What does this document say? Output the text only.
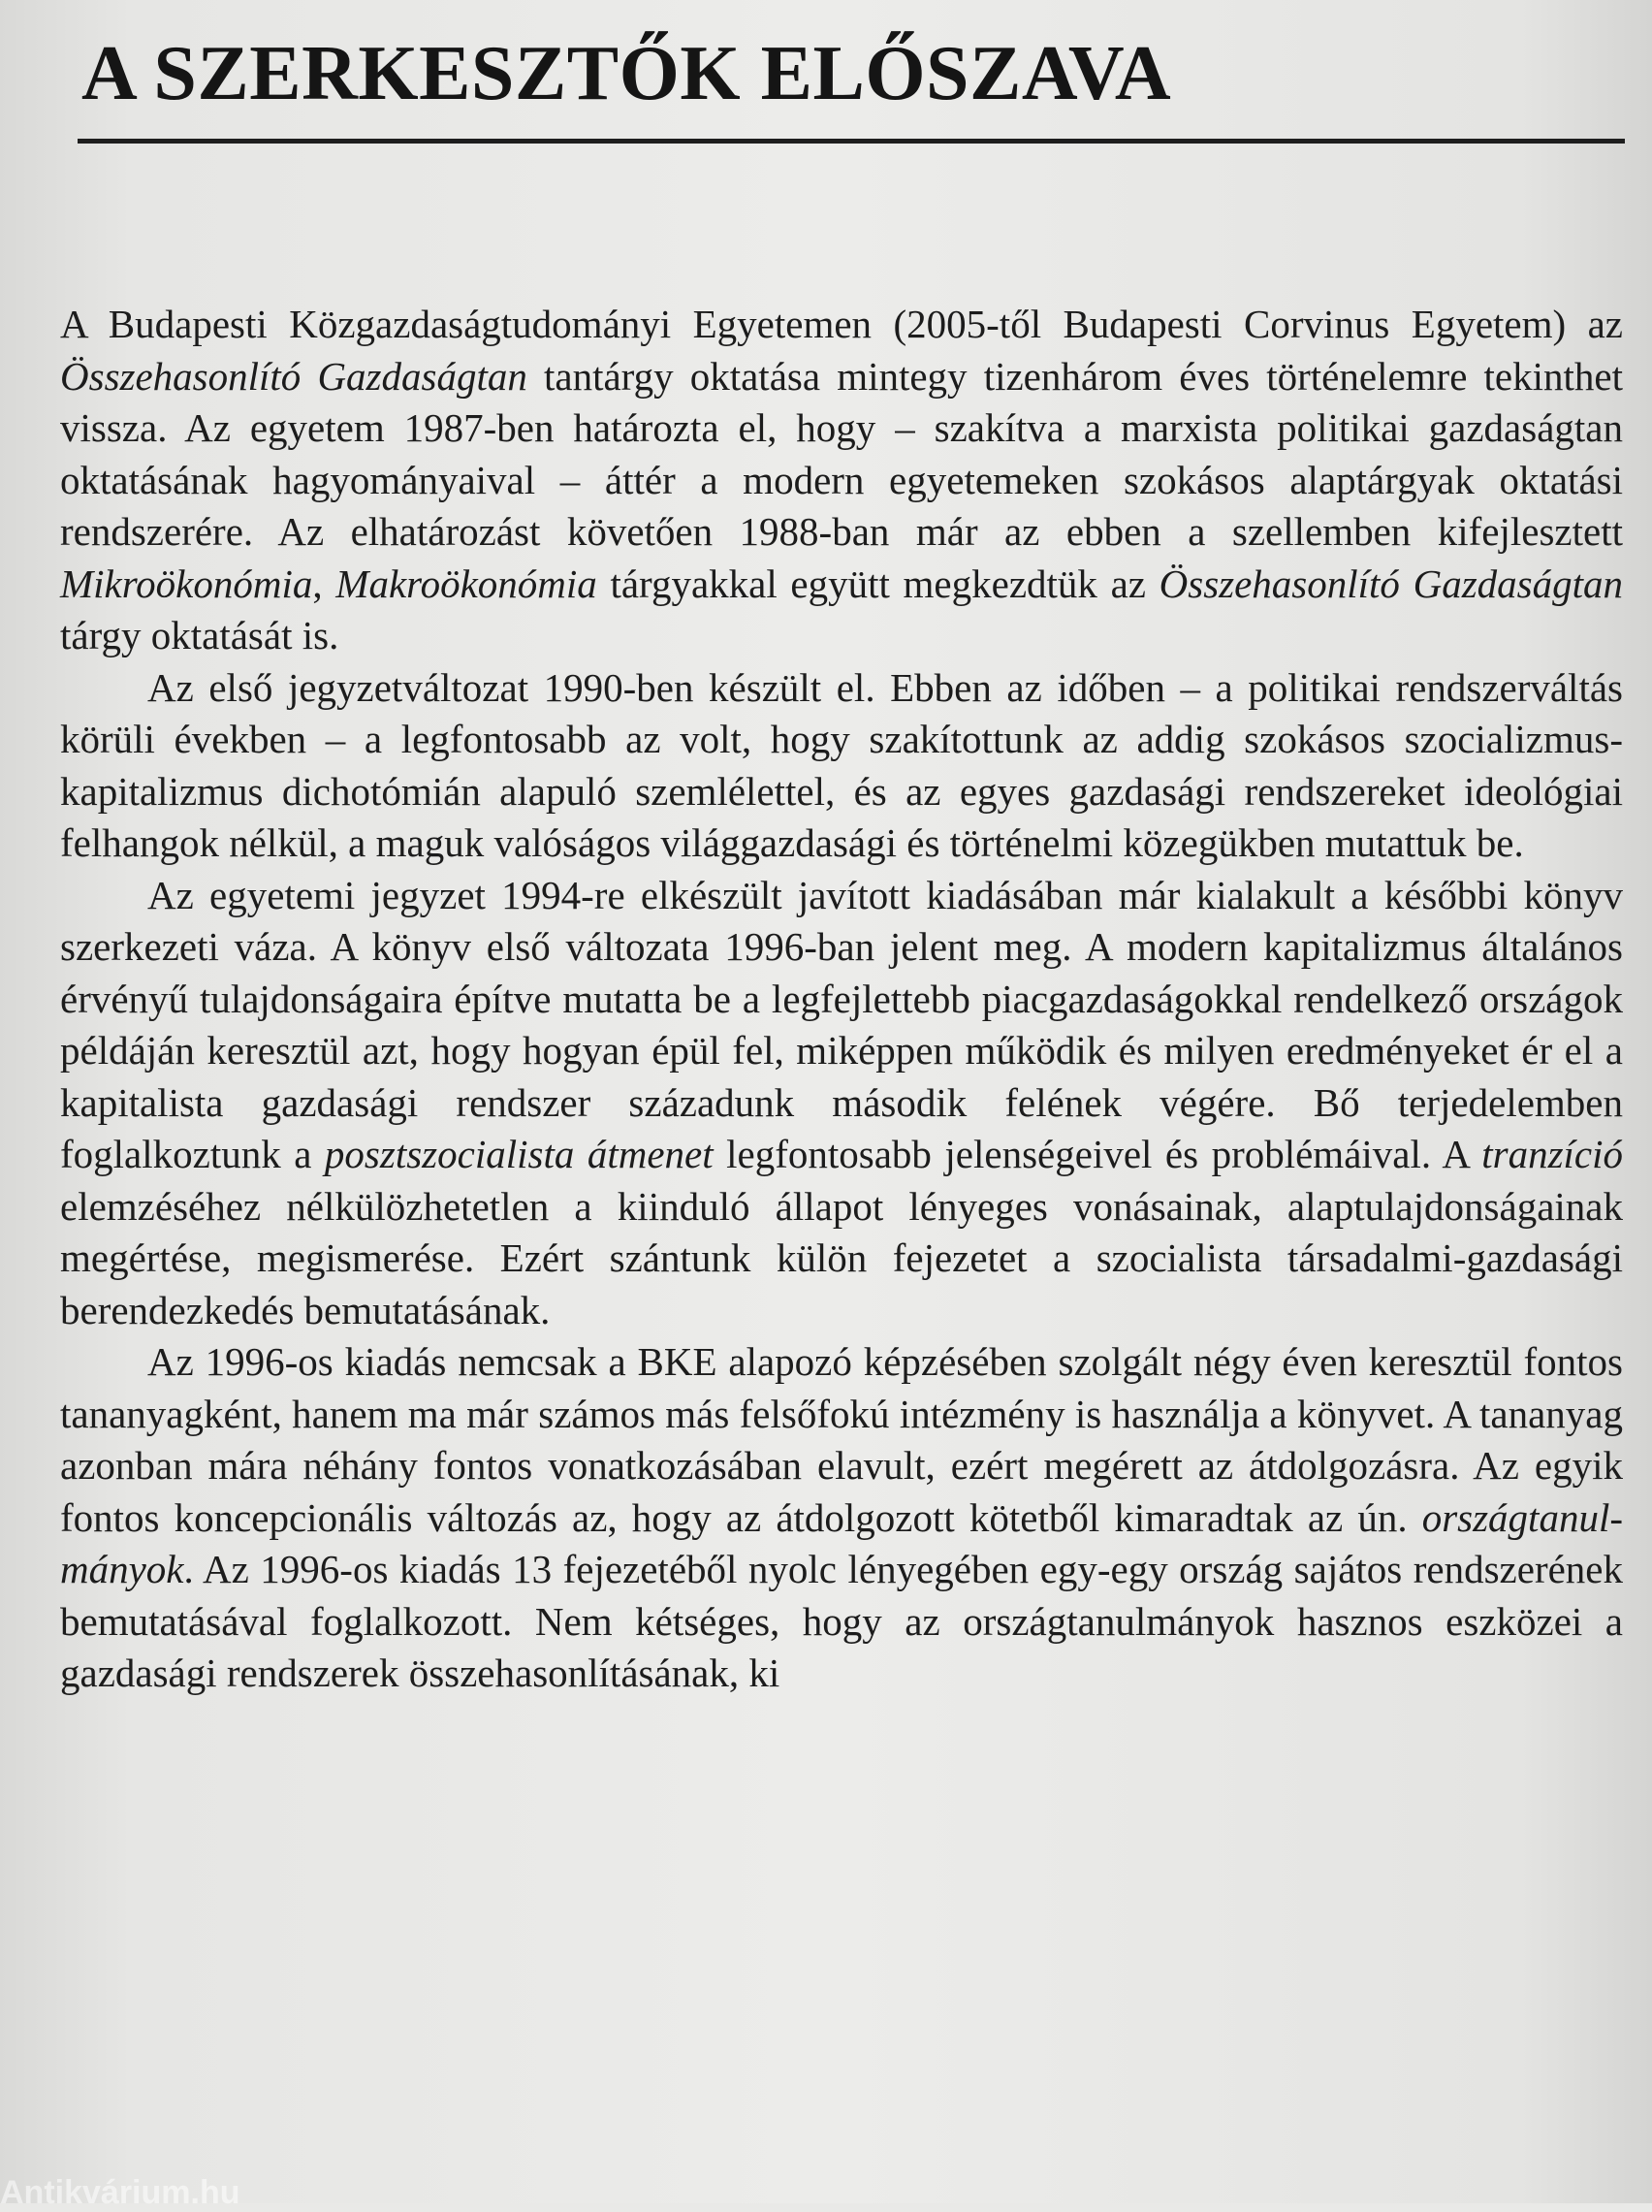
A SZERKESZTŐK ELŐSZAVA

A Budapesti Közgazdaságtudományi Egyetemen (2005-től Budapesti Corvinus Egyetem) az Összehasonlító Gazdaságtan tantárgy oktatása mintegy tizenhárom éves történelemre tekinthet vissza. Az egyetem 1987-ben határozta el, hogy – szakítva a marxista politikai gazdaságtan oktatásának hagyományaival – áttér a modern egyetemeken szokásos alaptárgyak oktatási rendszerére. Az elhatározást követően 1988-ban már az ebben a szellemben kifejlesztett Mikroökonómia, Makroökonómia tárgyakkal együtt megkezdtük az Összehasonlító Gazdaságtan tárgy oktatását is.

Az első jegyzetváltozat 1990-ben készült el. Ebben az időben – a politikai rendszerváltás körüli években – a legfontosabb az volt, hogy szakítottunk az addig szokásos szocializmus-kapitalizmus dichotómián alapuló szemlélettel, és az egyes gazdasági rendszereket ideológiai felhangok nélkül, a maguk valóságos világgazdasági és történelmi közegükben mutattuk be.

Az egyetemi jegyzet 1994-re elkészült javított kiadásában már kialakult a későbbi könyv szerkezeti váza. A könyv első változata 1996-ban jelent meg. A modern kapitalizmus általános érvényű tulajdonságaira építve mutatta be a legfejlettebb piacgazdaságokkal rendelkező országok példáján keresztül azt, hogy hogyan épül fel, miképpen működik és milyen eredményeket ér el a kapitalista gazdasági rendszer századunk második felének végére. Bő terjedelemben foglalkoztunk a posztszocialista átmenet legfontosabb jelenségeivel és problémáival. A tranzíció elemzéséhez nélkülözhetetlen a kiinduló állapot lényeges vonásainak, alaptulajdonságainak megértése, megismerése. Ezért szántunk külön fejezetet a szocialista társadalmi-gazdasági berendezkedés bemutatásának.

Az 1996-os kiadás nemcsak a BKE alapozó képzésében szolgált négy éven keresztül fontos tananyagként, hanem ma már számos más felsőfokú intézmény is használja a könyvet. A tananyag azonban mára néhány fontos vonatkozásában elavult, ezért megérett az átdolgozásra. Az egyik fontos koncepcionális változás az, hogy az átdolgozott kötetből kimaradtak az ún. országtanulmányok. Az 1996-os kiadás 13 fejezetéből nyolc lényegében egy-egy ország sajátos rendszerének bemutatásával foglalkozott. Nem kétséges, hogy az országtanulmányok hasznos eszközei a gazdasági rendszerek összehasonlításának, ki

Antikvárium.hu
